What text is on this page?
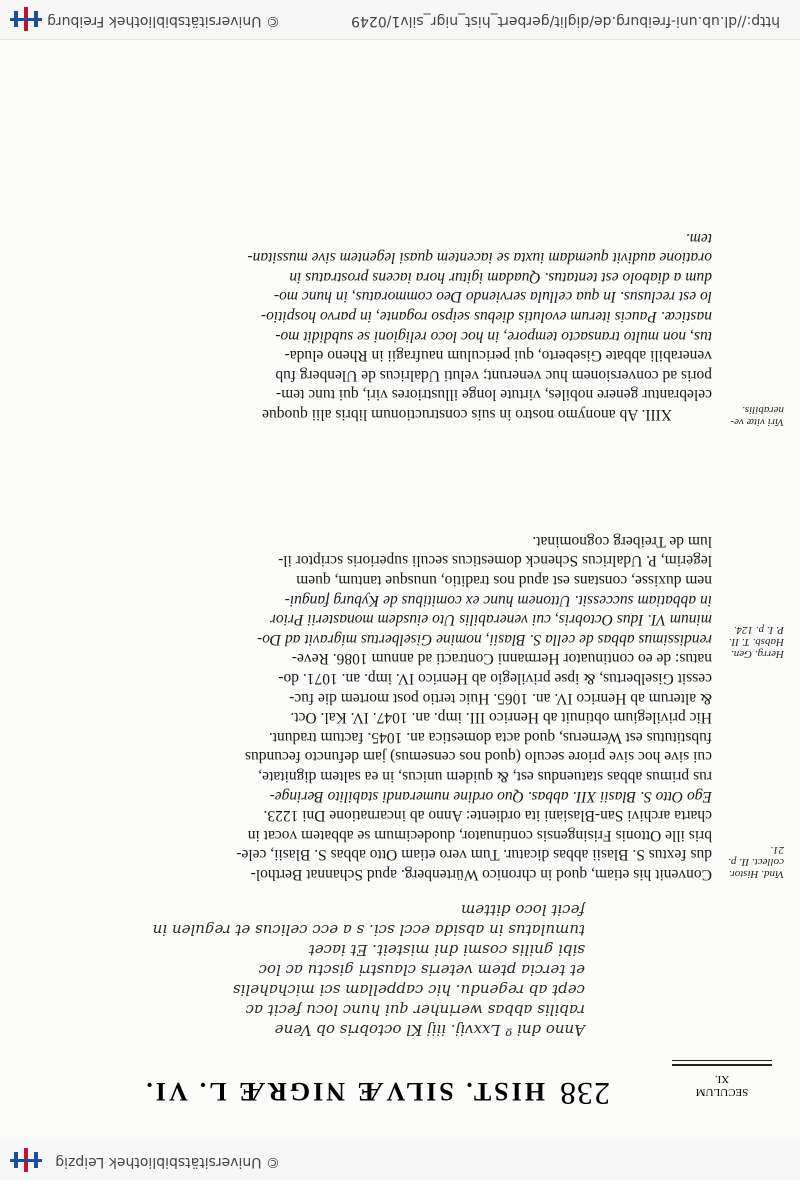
© Universitätsbibliothek Leipzig
238
HIST. SILVÆ NIGRÆ L. VI.	SECULUM
XI.
Anno dni º Lxxvij. iiij Kl octobris ob Vene
rabilis abbas werinher qui hunc locu fecit ac
cept ab regendu. hic cappellam sci michahelis
et tercia ptem veteris claustri gisctu ac loc
sibi gnilis cosmi dni misteit. Et iacet
tumulatus in absida eccl sci. s a ecc celicus et regulen in
fecit loco dittem
Vind. Histor.
collect. II. p.
21.
Herrg. Gen.
Habsb. T. II.
P. I. p. 124.
Viri vitæ ve-
nerabilis.
Convenit his etiam, quod in chronico Würtenberg. apud Schannat Berthol-
dus fextus S. Blasii abbas dicatur. Tum vero etiam Otto abbas S. Blasii, cele-
bris ille Ottonis Frisingensis continuator, duodecimum se abbatem vocat in
charta archivi San-Blasiani ita ordiente: Anno ab incarnatione Dni 1223.
Ego Otto S. Blasii XII. abbas. Quo ordine numerandi stabilito Beringe-
rus primus abbas statuendus est, & quidem unicus, in ea saltem dignitate,
cui sive hoc sive priore seculo (quod nos censemus) jam defuncto fecundus
fubstitutus est Wernerus, quod acta domestica an. 1045. factum tradunt.
Hic privilegium obtinuit ab Henrico III. imp. an. 1047. IV. Kal. Oct.
& alterum ab Henrico IV. an. 1065. Huic tertio post mortem die fuc-
cessit Giselbertus, & ipse privilegio ab Henrico IV. imp. an. 1071. do-
natus: de eo continuator Hermanni Contracti ad annum 1086. Reve-
rendissimus abbas de cella S. Blasii, nomine Giselbertus migravit ad Do-
minum VI. Idus Octobris, cui venerabilis Uto eiusdem monasterii Prior
in abbatiam successit. Uttonem hunc ex comitibus de Kyburg fangui-
nem duxisse, constans est apud nos traditio, unusque tantum, quem
legerim, P. Udalricus Schenck domesticus seculi superioris scriptor il-
lum de Treiberg cognominat.
XIII. Ab anonymo nostro in suis constructionum libris alii quoque
celebrantur genere nobiles, virtute longe illustriores viri, qui tunc tem-
poris ad conversionem huc venerunt; veluti Udalricus de Ulenberg fub
venerabili abbate Giseberto, qui periculum naufragii in Rheno eluda-
tus, non multo transacto tempore, in hoc loco religioni se subdidit mo-
nasticæ. Paucis iterum evolutis diebus seipso rogante, in parvo hospitio-
lo est reclusus. In qua cellula serviendo Deo commoratus, in hunc mo-
dum a diabolo est tentatus. Quadam igitur hora iacens prostratus in
oratione audivit quemdam iuxta se iacentem quasi legentem sive mussitan-
tem.
http://dl.ub.uni-freiburg.de/diglit/gerbert_hist_nigr_silv1/0249
© Universitätsbibliothek Freiburg
